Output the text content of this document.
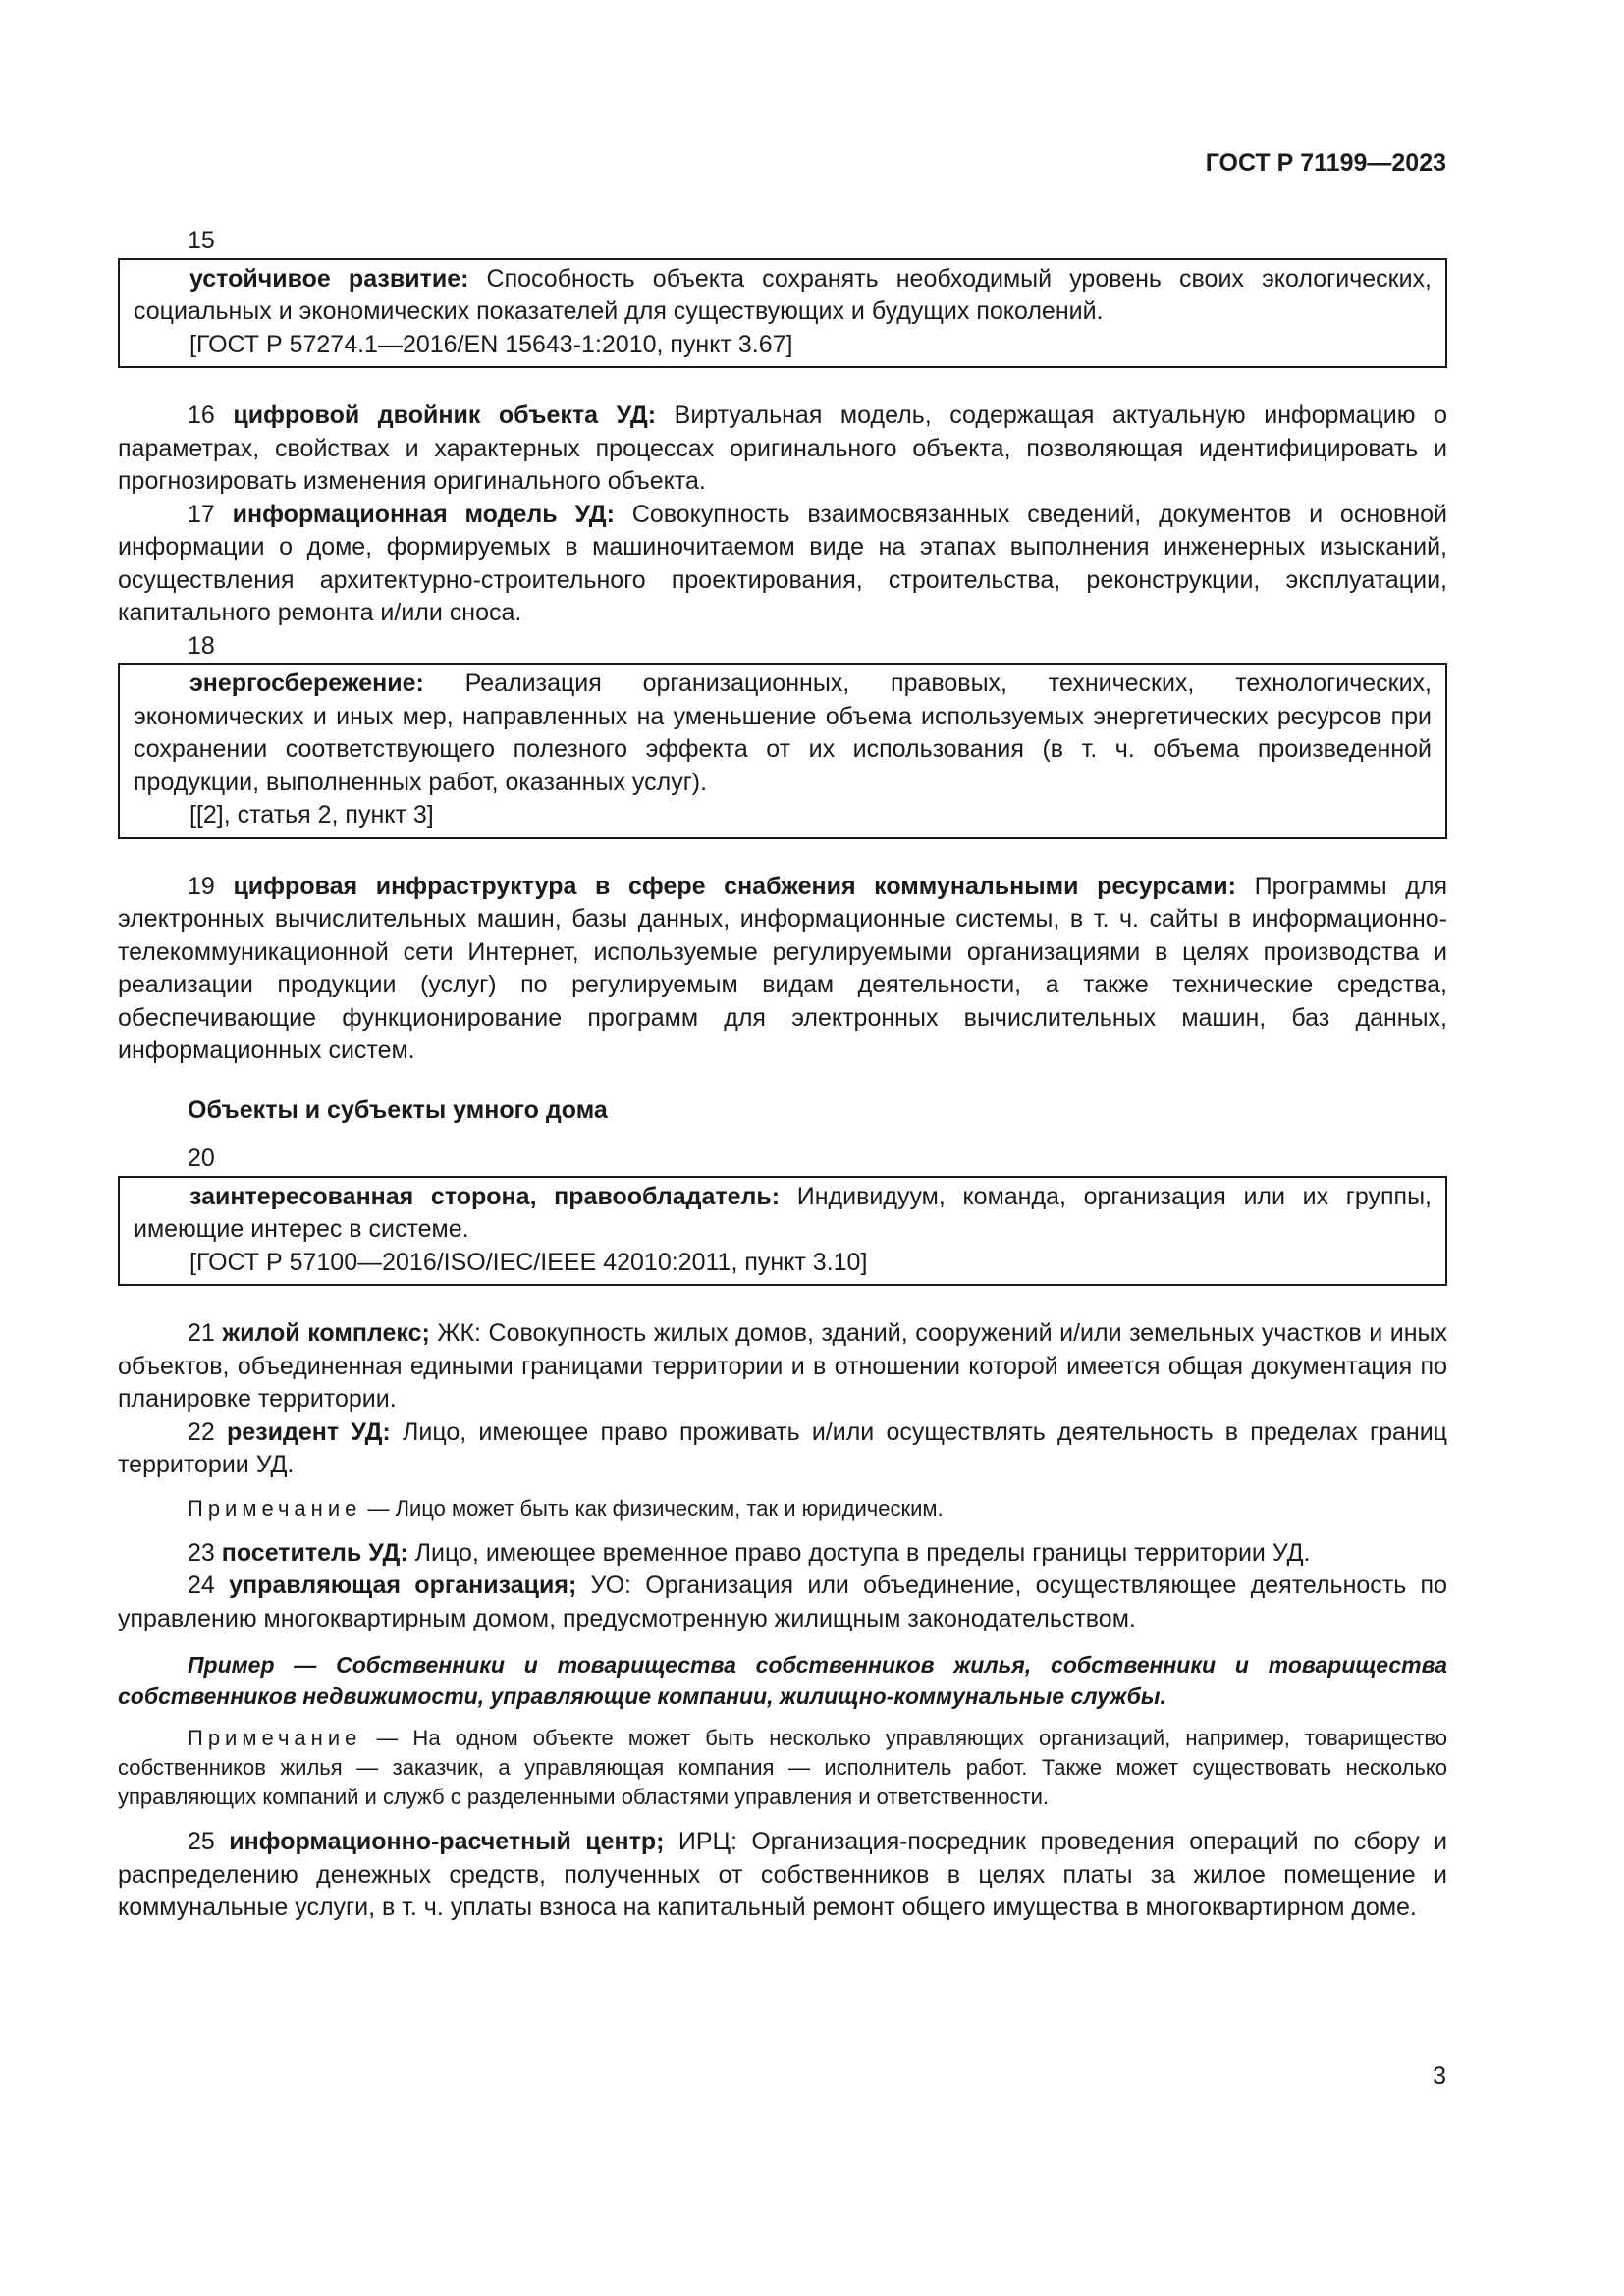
ГОСТ Р 71199—2023

15

устойчивое развитие: Способность объекта сохранять необходимый уровень своих экологических, социальных и экономических показателей для существующих и будущих поколений.

[ГОСТ Р 57274.1—2016/EN 15643-1:2010, пункт 3.67]

16 цифровой двойник объекта УД: Виртуальная модель, содержащая актуальную информацию о параметрах, свойствах и характерных процессах оригинального объекта, позволяющая идентифицировать и прогнозировать изменения оригинального объекта.

17 информационная модель УД: Совокупность взаимосвязанных сведений, документов и основной информации о доме, формируемых в машиночитаемом виде на этапах выполнения инженерных изысканий, осуществления архитектурно-строительного проектирования, строительства, реконструкции, эксплуатации, капитального ремонта и/или сноса.

18

энергосбережение: Реализация организационных, правовых, технических, технологических, экономических и иных мер, направленных на уменьшение объема используемых энергетических ресурсов при сохранении соответствующего полезного эффекта от их использования (в т. ч. объема произведенной продукции, выполненных работ, оказанных услуг).

[[2], статья 2, пункт 3]

19 цифровая инфраструктура в сфере снабжения коммунальными ресурсами: Программы для электронных вычислительных машин, базы данных, информационные системы, в т. ч. сайты в информационно-телекоммуникационной сети Интернет, используемые регулируемыми организациями в целях производства и реализации продукции (услуг) по регулируемым видам деятельности, а также технические средства, обеспечивающие функционирование программ для электронных вычислительных машин, баз данных, информационных систем.

Объекты и субъекты умного дома

20

заинтересованная сторона, правообладатель: Индивидуум, команда, организация или их группы, имеющие интерес в системе.

[ГОСТ Р 57100—2016/ISO/IEC/IEEE 42010:2011, пункт 3.10]

21 жилой комплекс; ЖК: Совокупность жилых домов, зданий, сооружений и/или земельных участков и иных объектов, объединенная едиными границами территории и в отношении которой имеется общая документация по планировке территории.

22 резидент УД: Лицо, имеющее право проживать и/или осуществлять деятельность в пределах границ территории УД.

Примечание — Лицо может быть как физическим, так и юридическим.

23 посетитель УД: Лицо, имеющее временное право доступа в пределы границы территории УД.

24 управляющая организация; УО: Организация или объединение, осуществляющее деятельность по управлению многоквартирным домом, предусмотренную жилищным законодательством.

Пример — Собственники и товарищества собственников жилья, собственники и товарищества собственников недвижимости, управляющие компании, жилищно-коммунальные службы.

Примечание — На одном объекте может быть несколько управляющих организаций, например, товарищество собственников жилья — заказчик, а управляющая компания — исполнитель работ. Также может существовать несколько управляющих компаний и служб с разделенными областями управления и ответственности.

25 информационно-расчетный центр; ИРЦ: Организация-посредник проведения операций по сбору и распределению денежных средств, полученных от собственников в целях платы за жилое помещение и коммунальные услуги, в т. ч. уплаты взноса на капитальный ремонт общего имущества в многоквартирном доме.

3
